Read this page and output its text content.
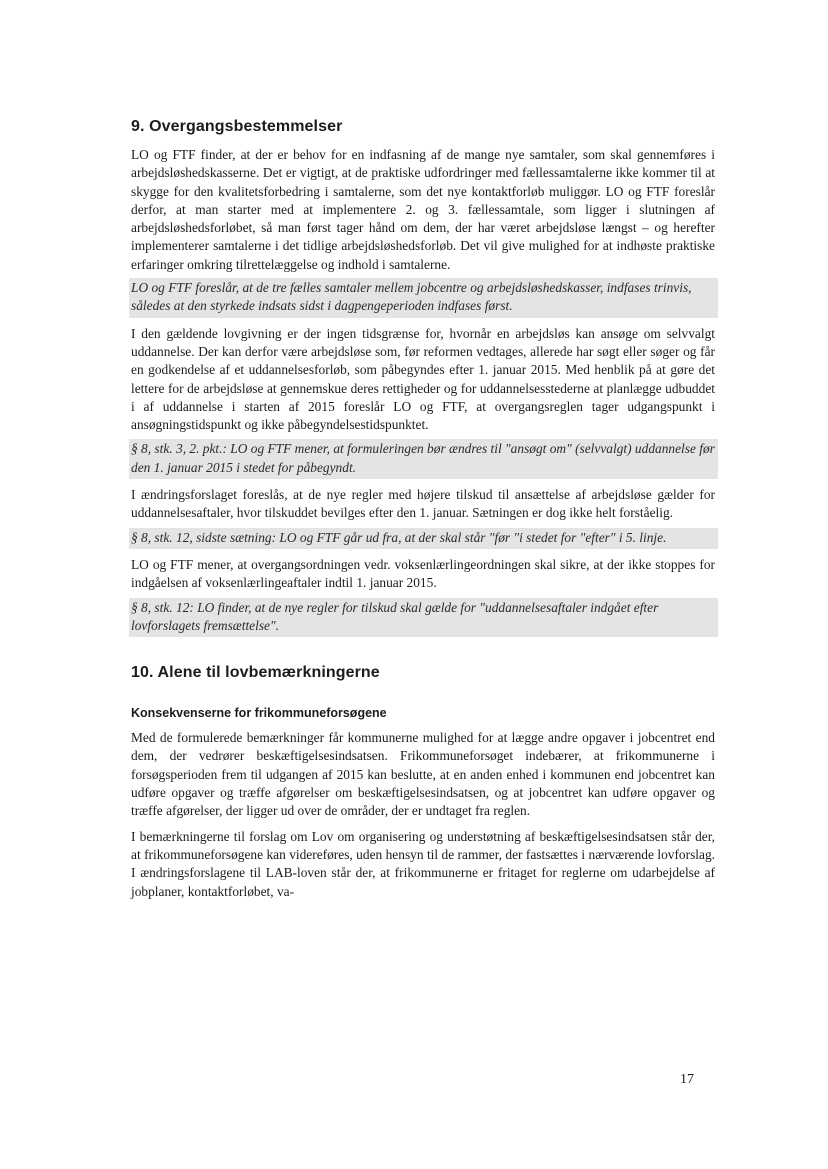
9. Overgangsbestemmelser

LO og FTF finder, at der er behov for en indfasning af de mange nye samtaler, som skal gennemføres i arbejdsløshedskasserne. Det er vigtigt, at de praktiske udfordringer med fællessamtalerne ikke kommer til at skygge for den kvalitetsforbedring i samtalerne, som det nye kontaktforløb muliggør. LO og FTF foreslår derfor, at man starter med at implementere 2. og 3. fællessamtale, som ligger i slutningen af arbejdsløshedsforløbet, så man først tager hånd om dem, der har været arbejdsløse længst – og herefter implementerer samtalerne i det tidlige arbejdsløshedsforløb. Det vil give mulighed for at indhøste praktiske erfaringer omkring tilrettelæggelse og indhold i samtalerne.

LO og FTF foreslår, at de tre fælles samtaler mellem jobcentre og arbejdsløshedskasser, indfases trinvis, således at den styrkede indsats sidst i dagpengeperioden indfases først.

I den gældende lovgivning er der ingen tidsgrænse for, hvornår en arbejdsløs kan ansøge om selvvalgt uddannelse. Der kan derfor være arbejdsløse som, før reformen vedtages, allerede har søgt eller søger og får en godkendelse af et uddannelsesforløb, som påbegyndes efter 1. januar 2015. Med henblik på at gøre det lettere for de arbejdsløse at gennemskue deres rettigheder og for uddannelsesstederne at planlægge udbuddet i af uddannelse i starten af 2015 foreslår LO og FTF, at overgangsreglen tager udgangspunkt i ansøgningstidspunkt og ikke påbegyndelsestidspunktet.

§ 8, stk. 3, 2. pkt.: LO og FTF mener, at formuleringen bør ændres til "ansøgt om" (selvvalgt) uddannelse før den 1. januar 2015 i stedet for påbegyndt.

I ændringsforslaget foreslås, at de nye regler med højere tilskud til ansættelse af arbejdsløse gælder for uddannelsesaftaler, hvor tilskuddet bevilges efter den 1. januar. Sætningen er dog ikke helt forståelig.

§ 8, stk. 12, sidste sætning: LO og FTF går ud fra, at der skal står "før "i stedet for "efter" i 5. linje.

LO og FTF mener, at overgangsordningen vedr. voksenlærlingeordningen skal sikre, at der ikke stoppes for indgåelsen af voksenlærlingeaftaler indtil 1. januar 2015.

§ 8, stk. 12: LO finder, at de nye regler for tilskud skal gælde for "uddannelsesaftaler indgået efter lovforslagets fremsættelse".
10. Alene til lovbemærkningerne
Konsekvenserne for frikommuneforsøgene

Med de formulerede bemærkninger får kommunerne mulighed for at lægge andre opgaver i jobcentret end dem, der vedrører beskæftigelsesindsatsen. Frikommuneforsøget indebærer, at frikommunerne i forsøgsperioden frem til udgangen af 2015 kan beslutte, at en anden enhed i kommunen end jobcentret kan udføre opgaver og træffe afgørelser om beskæftigelsesindsatsen, og at jobcentret kan udføre opgaver og træffe afgørelser, der ligger ud over de områder, der er undtaget fra reglen.

I bemærkningerne til forslag om Lov om organisering og understøtning af beskæftigelsesindsatsen står der, at frikommuneforsøgene kan videreføres, uden hensyn til de rammer, der fastsættes i nærværende lovforslag. I ændringsforslagene til LAB-loven står der, at frikommunerne er fritaget for reglerne om udarbejdelse af jobplaner, kontaktforløbet, va-

17
